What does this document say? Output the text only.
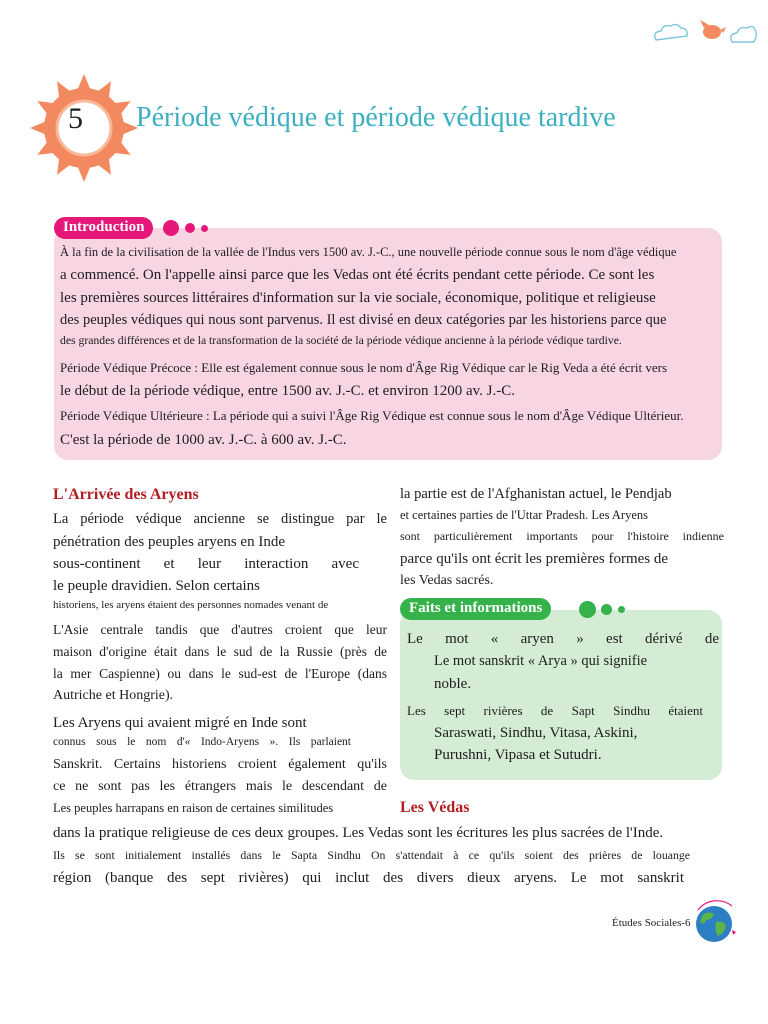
5 Période védique et période védique tardive
Introduction
À la fin de la civilisation de la vallée de l'Indus vers 1500 av. J.-C., une nouvelle période connue sous le nom d'âge védique
a commencé. On l'appelle ainsi parce que les Vedas ont été écrits pendant cette période. Ce sont les
les premières sources littéraires d'information sur la vie sociale, économique, politique et religieuse
des peuples védiques qui nous sont parvenus. Il est divisé en deux catégories par les historiens parce que
des grandes différences et de la transformation de la société de la période védique ancienne à la période védique tardive.
Période Védique Précoce : Elle est également connue sous le nom d'Âge Rig Védique car le Rig Veda a été écrit vers
le début de la période védique, entre 1500 av. J.-C. et environ 1200 av. J.-C.
Période Védique Ultérieure : La période qui a suivi l'Âge Rig Védique est connue sous le nom d'Âge Védique Ultérieur.
C'est la période de 1000 av. J.-C. à 600 av. J.-C.
L'Arrivée des Aryens
La période védique ancienne se distingue par le
pénétration des peuples aryens en Inde
sous-continent et leur interaction avec
le peuple dravidien. Selon certains
historiens, les aryens étaient des personnes nomades venant de
L'Asie centrale tandis que d'autres croient que leur
maison d'origine était dans le sud de la Russie (près de
la mer Caspienne) ou dans le sud-est de l'Europe (dans
Autriche et Hongrie).
Les Aryens qui avaient migré en Inde sont
connus sous le nom d'« Indo-Aryens ». Ils parlaient
Sanskrit. Certains historiens croient également qu'ils
ce ne sont pas les étrangers mais le descendant de
Les peuples harrapans en raison de certaines similitudes
la partie est de l'Afghanistan actuel, le Pendjab
et certaines parties de l'Uttar Pradesh. Les Aryens
sont particulièrement importants pour l'histoire indienne
parce qu'ils ont écrit les premières formes de
les Vedas sacrés.
Faits et informations
Le mot « aryen » est dérivé de
Le mot sanskrit « Arya » qui signifie
noble.
Les sept rivières de Sapt Sindhu étaient
Saraswati, Sindhu, Vitasa, Askini,
Purushni, Vipasa et Sutudri.
Les Védas
dans la pratique religieuse de ces deux groupes. Les Vedas sont les écritures les plus sacrées de l'Inde.
Ils se sont initialement installés dans le Sapta Sindhu On s'attendait à ce qu'ils soient des prières de louange
région (banque des sept rivières) qui inclut des divers dieux aryens. Le mot sanskrit
Études Sociales-6
